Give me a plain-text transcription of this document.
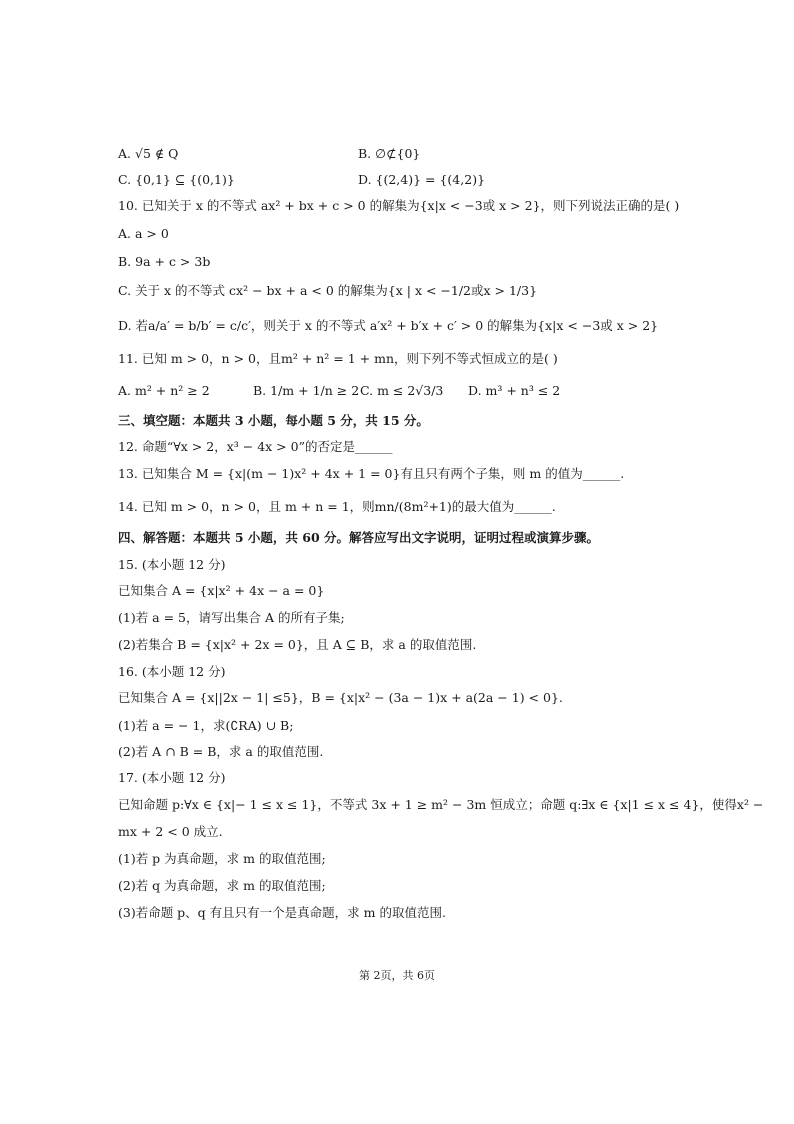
A. √5 ∉ Q	B. ∅⊄{0}
C. {0,1} ⊆ {(0,1)}	D. {(2,4)} = {(4,2)}
10. 已知关于 x 的不等式 ax² + bx + c > 0 的解集为{x|x < −3或 x > 2}，则下列说法正确的是( )
A. a > 0
B. 9a + c > 3b
C. 关于 x 的不等式 cx² − bx + a < 0 的解集为{x | x < −1/2或x > 1/3}
D. 若a/a′ = b/b′ = c/c′，则关于 x 的不等式 a′x² + b′x + c′ > 0 的解集为{x|x < −3或 x > 2}
11. 已知 m > 0，n > 0，且m² + n² = 1 + mn，则下列不等式恒成立的是( )
A. m² + n² ≥ 2	B. 1/m + 1/n ≥ 2 C. m ≤ 2√3/3 D. m³ + n³ ≤ 2
三、填空题：本题共 3 小题，每小题 5 分，共 15 分。
12. 命题“∀x > 2，x³ − 4x > 0”的否定是______
13. 已知集合 M = {x|(m − 1)x² + 4x + 1 = 0}有且只有两个子集，则 m 的值为______.
14. 已知 m > 0，n > 0，且 m + n = 1，则mn/(8m²+1)的最大值为______.
四、解答题：本题共 5 小题，共 60 分。解答应写出文字说明，证明过程或演算步骤。
15. (本小题 12 分)
已知集合 A = {x|x² + 4x − a = 0}
(1)若 a = 5，请写出集合 A 的所有子集;
(2)若集合 B = {x|x² + 2x = 0}，且 A ⊆ B，求 a 的取值范围.
16. (本小题 12 分)
已知集合 A = {x||2x − 1| ≤5}，B = {x|x² − (3a − 1)x + a(2a − 1) < 0}.
(1)若 a = − 1，求(∁RA) ∪ B;
(2)若 A ∩ B = B，求 a 的取值范围.
17. (本小题 12 分)
已知命题 p:∀x ∈ {x|− 1 ≤ x ≤ 1}，不等式 3x + 1 ≥ m² − 3m 恒成立；命题 q:∃x ∈ {x|1 ≤ x ≤ 4}，使得x² −
mx + 2 < 0 成立.
(1)若 p 为真命题，求 m 的取值范围;
(2)若 q 为真命题，求 m 的取值范围;
(3)若命题 p、q 有且只有一个是真命题，求 m 的取值范围.
第 2页，共 6页
